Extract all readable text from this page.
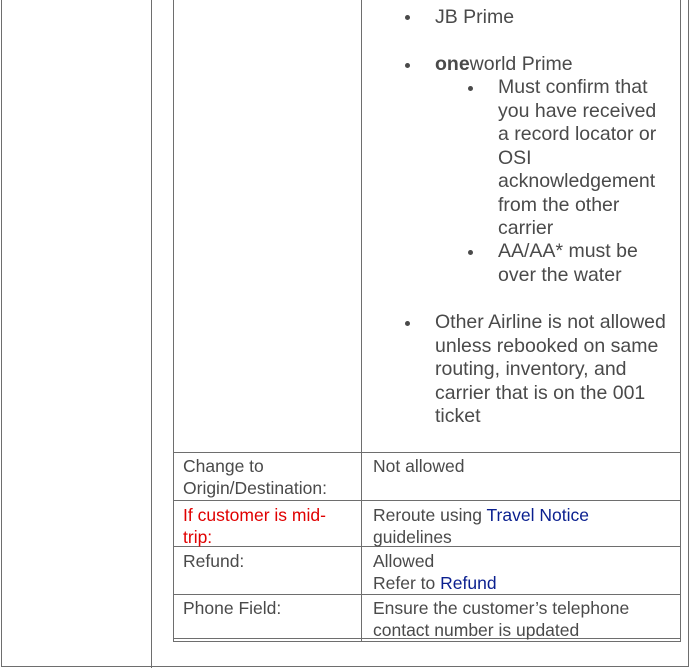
JB Prime
oneworld Prime
Must confirm that
you have received
a record locator or
OSI
acknowledgement
from the other
carrier
AA/AA* must be
over the water
Other Airline is not allowed
unless rebooked on same
routing, inventory, and
carrier that is on the 001
ticket
Change to
Origin/Destination:
Not allowed
If customer is mid-
trip:
Reroute using Travel Notice
guidelines
Refund:	Allowed
Refer to Refund
Phone Field:	Ensure the customer’s telephone
contact number is updated
